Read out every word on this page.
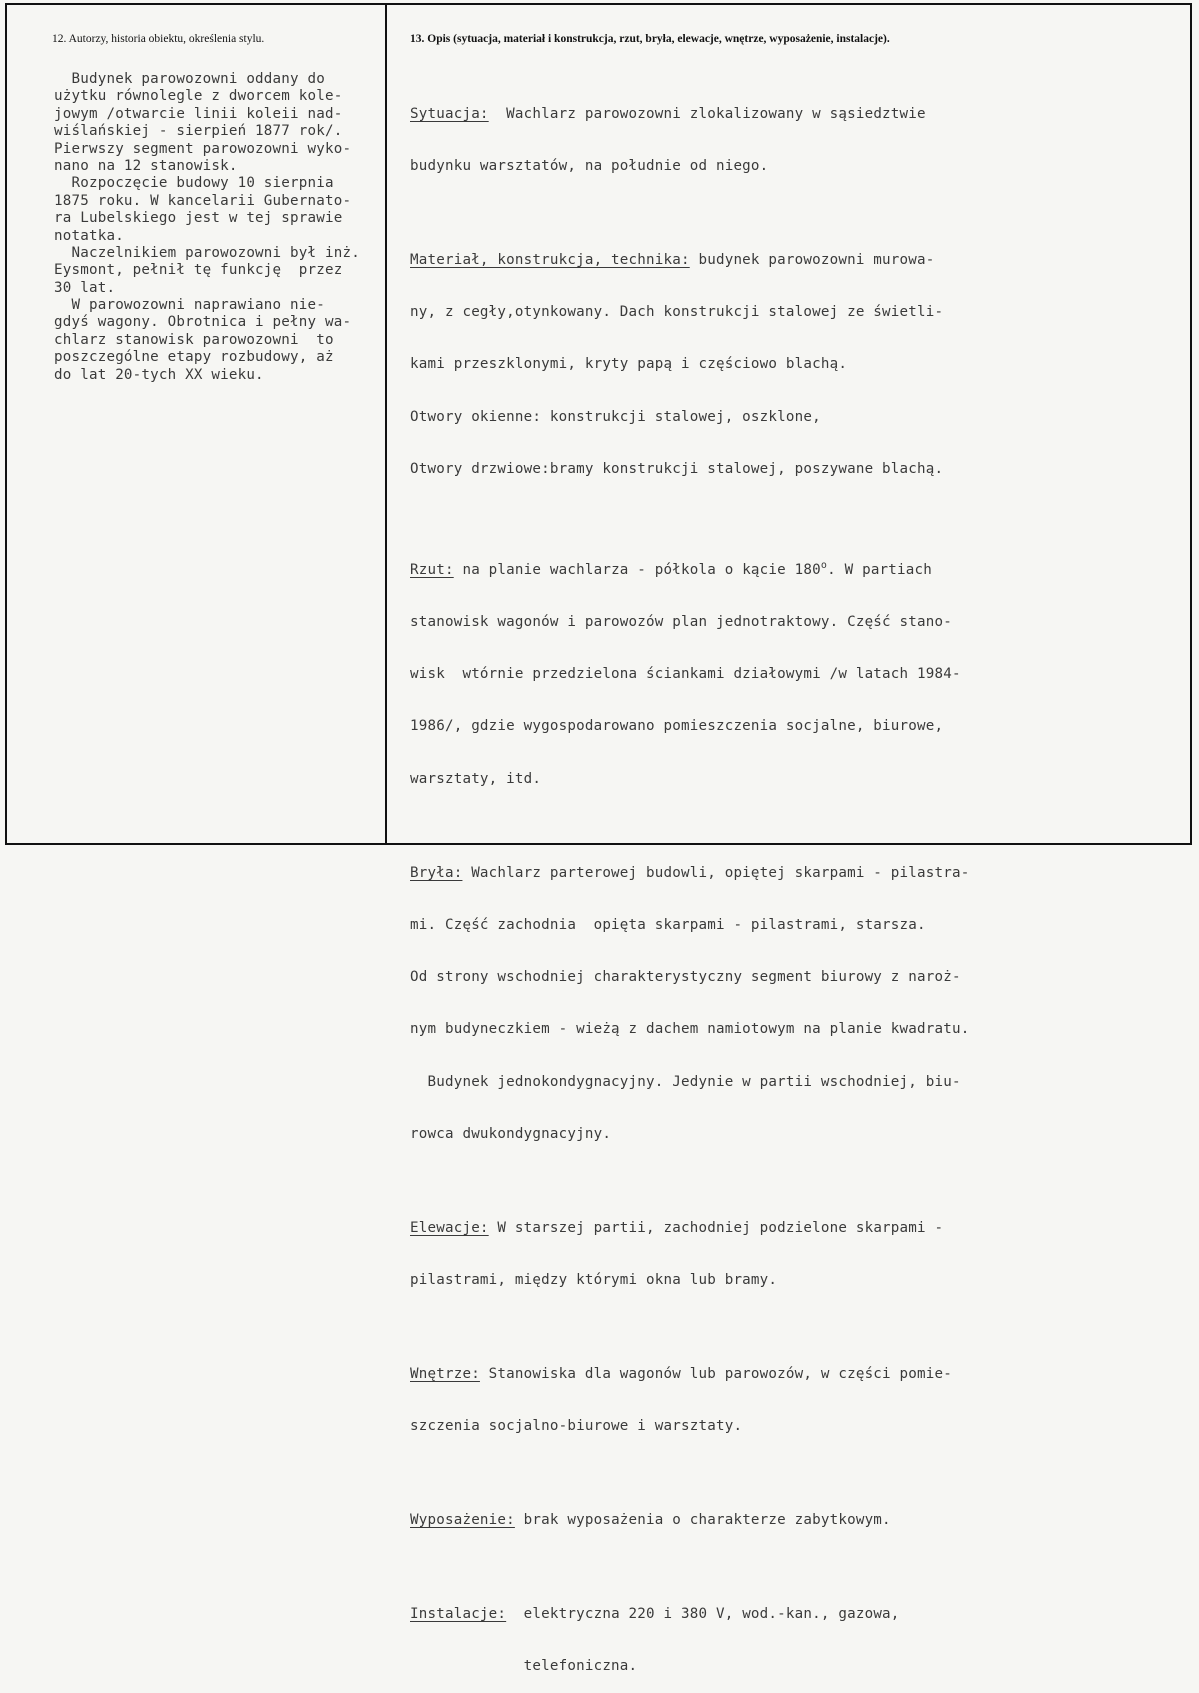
12. Autorzy, historia obiektu, określenia stylu.	13. Opis (sytuacja, materiał i konstrukcja, rzut, bryła, elewacje, wnętrze, wyposażenie, instalacje).
Budynek parowozowni oddany do
użytku równolegle z dworcem kole-
jowym /otwarcie linii koleii nad-
wiślańskiej - sierpień 1877 rok/.
Pierwszy segment parowozowni wyko-
nano na 12 stanowisk.
Rozpoczęcie budowy 10 sierpnia
1875 roku. W kancelarii Gubernato-
ra Lubelskiego jest w tej sprawie
notatka.
Naczelnikiem parowozowni był inż.
Eysmont, pełnił tę funkcję  przez
30 lat.
W parowozowni naprawiano nie-
gdyś wagony. Obrotnica i pełny wa-
chlarz stanowisk parowozowni  to
poszczególne etapy rozbudowy, aż
do lat 20-tych XX wieku.

Sytuacja:  Wachlarz parowozowni zlokalizowany w sąsiedztwie

budynku warsztatów, na południe od niego.

Materiał, konstrukcja, technika: budynek parowozowni murowa-

ny, z cegły,otynkowany. Dach konstrukcji stalowej ze świetli-

kami przeszklonymi, kryty papą i częściowo blachą.

Otwory okienne: konstrukcji stalowej, oszklone,

Otwory drzwiowe:bramy konstrukcji stalowej, poszywane blachą.

Rzut: na planie wachlarza - półkola o kącie 180$^o$. W partiach

stanowisk wagonów i parowozów plan jednotraktowy. Część stano-

wisk  wtórnie przedzielona ściankami działowymi /w latach 1984-

1986/, gdzie wygospodarowano pomieszczenia socjalne, biurowe,

warsztaty, itd.

Bryła: Wachlarz parterowej budowli, opiętej skarpami - pilastra-

mi. Część zachodnia  opięta skarpami - pilastrami, starsza.

Od strony wschodniej charakterystyczny segment biurowy z naroż-

nym budyneczkiem - wieżą z dachem namiotowym na planie kwadratu.

Budynek jednokondygnacyjny. Jedynie w partii wschodniej, biu-

rowca dwukondygnacyjny.

Elewacje: W starszej partii, zachodniej podzielone skarpami -

pilastrami, między którymi okna lub bramy.

Wnętrze: Stanowiska dla wagonów lub parowozów, w części pomie-

szczenia socjalno-biurowe i warsztaty.

Wyposażenie: brak wyposażenia o charakterze zabytkowym.

Instalacje:  elektryczna 220 i 380 V, wod.-kan., gazowa,

telefoniczna.
